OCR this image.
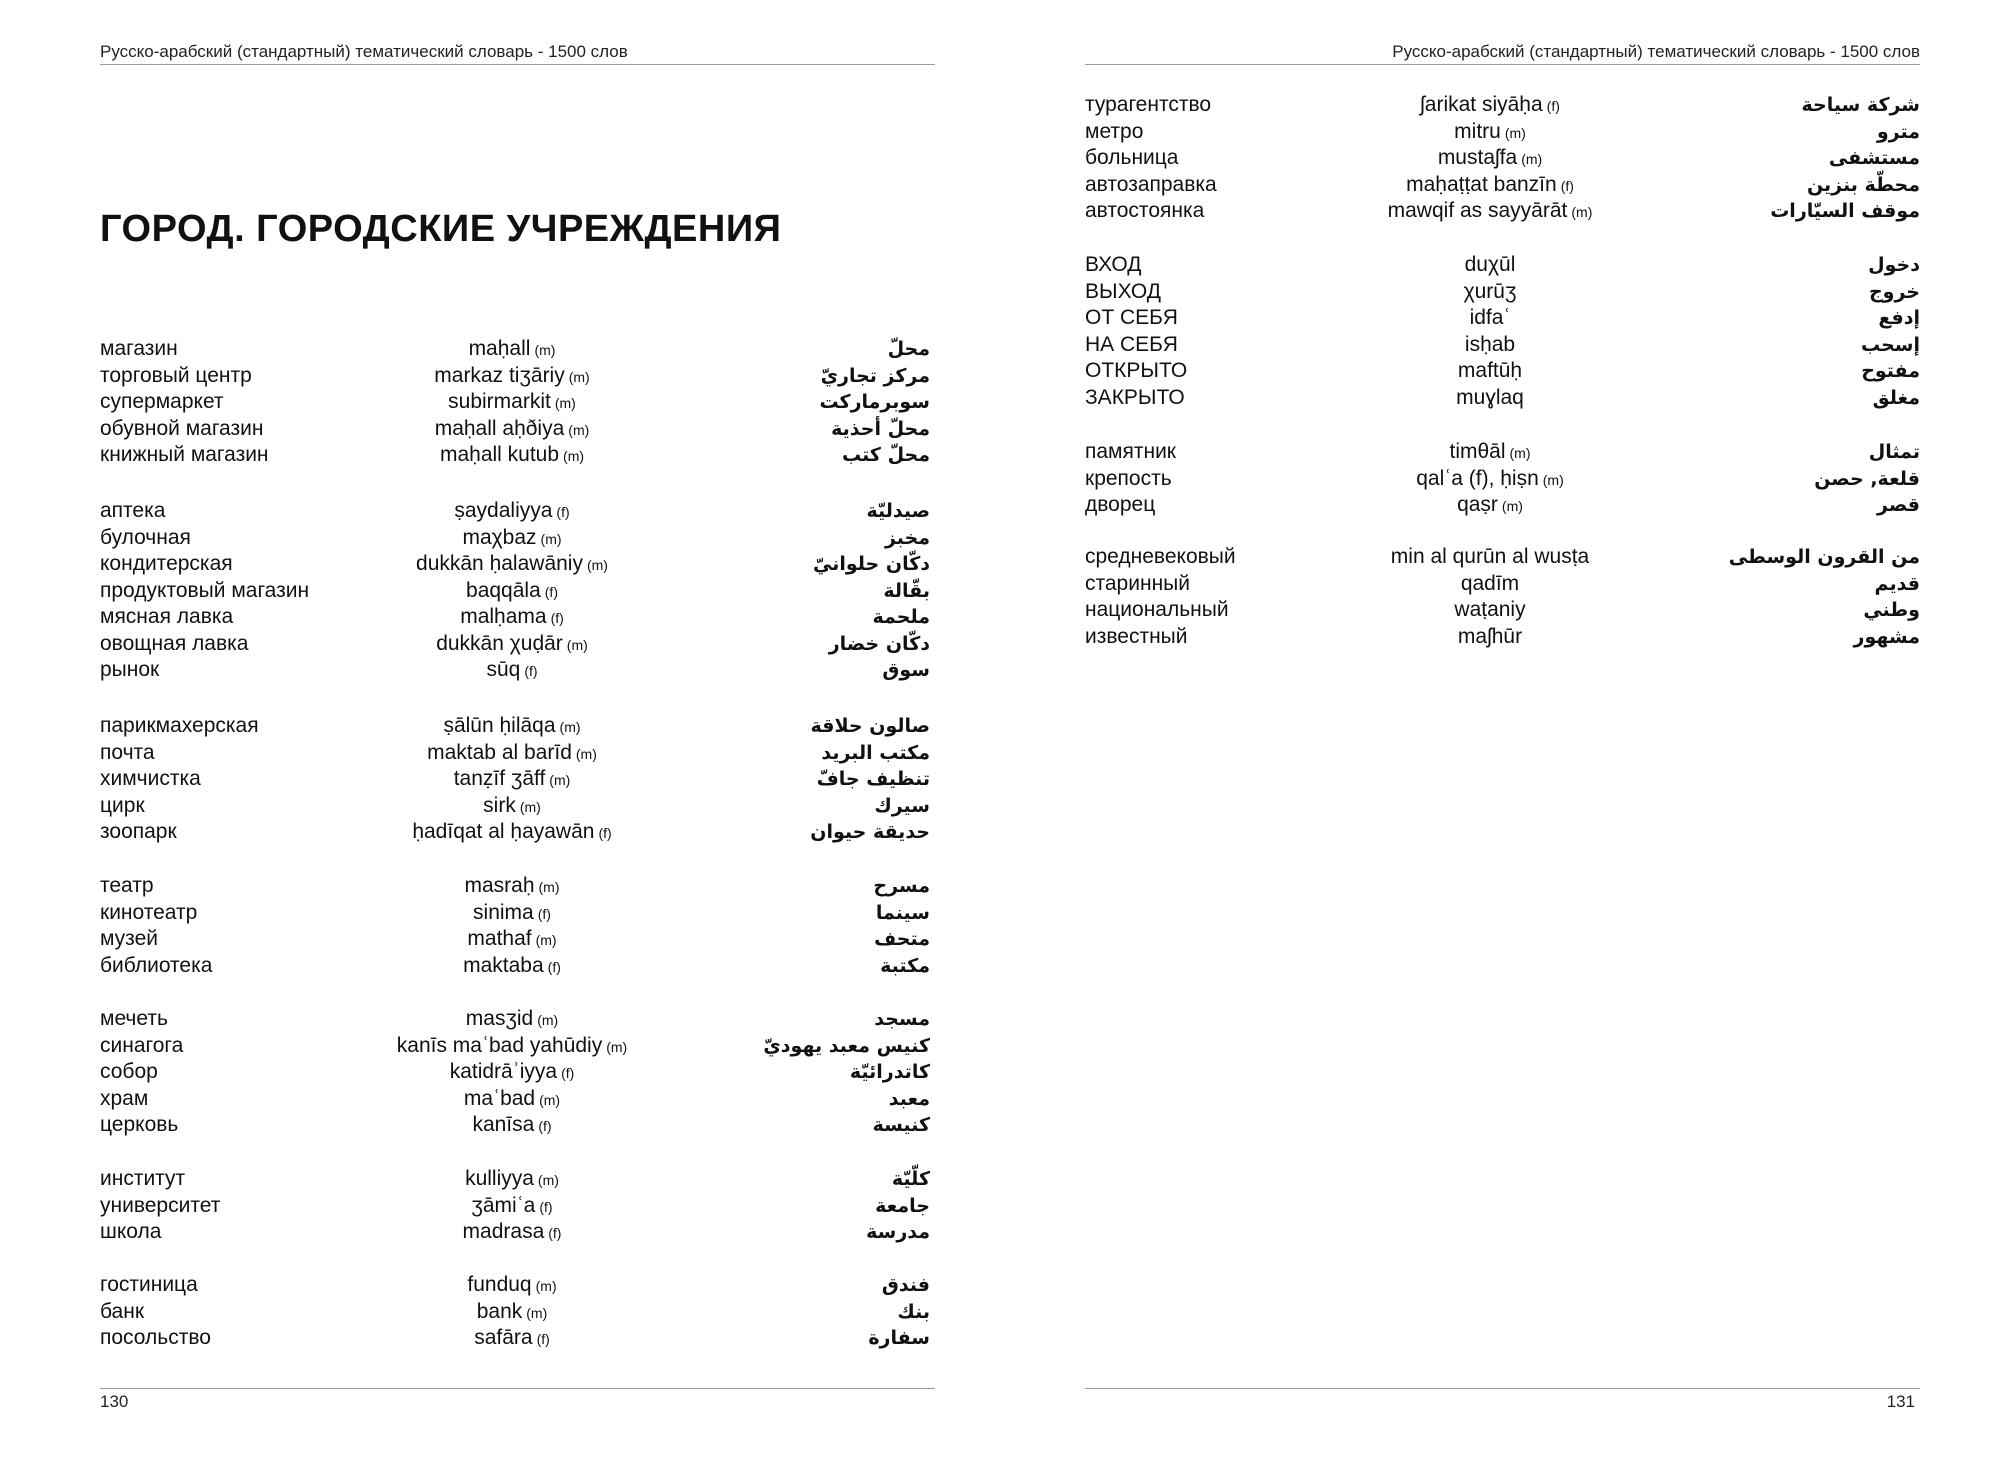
Русско-арабский (стандартный) тематический словарь - 1500 слов
ГОРОД. ГОРОДСКИЕ УЧРЕЖДЕНИЯ
магазин	maḥall (m)	محلّ
торговый центр	markaz tiʒāriy (m)	مركز تجاريّ
супермаркет	subirmarkit (m)	سوبرماركت
обувной магазин	maḥall aḥðiya (m)	محلّ أحذية
книжный магазин	maḥall kutub (m)	محلّ كتب
аптека	ṣaydaliyya (f)	صيدليّة
булочная	maχbaz (m)	مخبز
кондитерская	dukkān ḥalawāniy (m)	دكّان حلوانيّ
продуктовый магазин	baqqāla (f)	بقّالة
мясная лавка	malḥama (f)	ملحمة
овощная лавка	dukkān χuḍār (m)	دكّان خضار
рынок	sūq (f)	سوق
парикмахерская	ṣālūn ḥilāqa (m)	صالون حلاقة
почта	maktab al barīd (m)	مكتب البريد
химчистка	tanẓīf ʒāff (m)	تنظيف جافّ
цирк	sirk (m)	سيرك
зоопарк	ḥadīqat al ḥayawān (f)	حديقة حيوان
театр	masraḥ (m)	مسرح
кинотеатр	sinima (f)	سينما
музей	mathaf (m)	متحف
библиотека	maktaba (f)	مكتبة
мечеть	masʒid (m)	مسجد
синагога	kanīs maʿbad yahūdiy (m)	كنيس معبد يهوديّ
собор	katidrāʾiyya (f)	كاتدرائيّة
храм	maʿbad (m)	معبد
церковь	kanīsa (f)	كنيسة
институт	kulliyya (m)	كلّيّة
университет	ʒāmiʿa (f)	جامعة
школа	madrasa (f)	مدرسة
гостиница	funduq (m)	فندق
банк	bank (m)	بنك
посольство	safāra (f)	سفارة
130
Русско-арабский (стандартный) тематический словарь - 1500 слов
турагентство	ʃarikat siyāḥa (f)	شركة سياحة
метро	mitru (m)	مترو
больница	mustaʃfa (m)	مستشفى
автозаправка	maḥaṭṭat banzīn (f)	محطّة بنزين
автостоянка	mawqif as sayyārāt (m)	موقف السيّارات
ВХОД	duχūl	دخول
ВЫХОД	χurūʒ	خروج
ОТ СЕБЯ	idfaʿ	إدفع
НА СЕБЯ	isḥab	إسحب
ОТКРЫТО	maftūḥ	مفتوح
ЗАКРЫТО	muɣlaq	مغلق
памятник	timθāl (m)	تمثال
крепость	qalʿa (f), ḥiṣn (m)	قلعة, حصن
дворец	qaṣr (m)	قصر
средневековый	min al qurūn al wusṭa	من القرون الوسطى
старинный	qadīm	قديم
национальный	waṭaniy	وطني
известный	maʃhūr	مشهور
131
